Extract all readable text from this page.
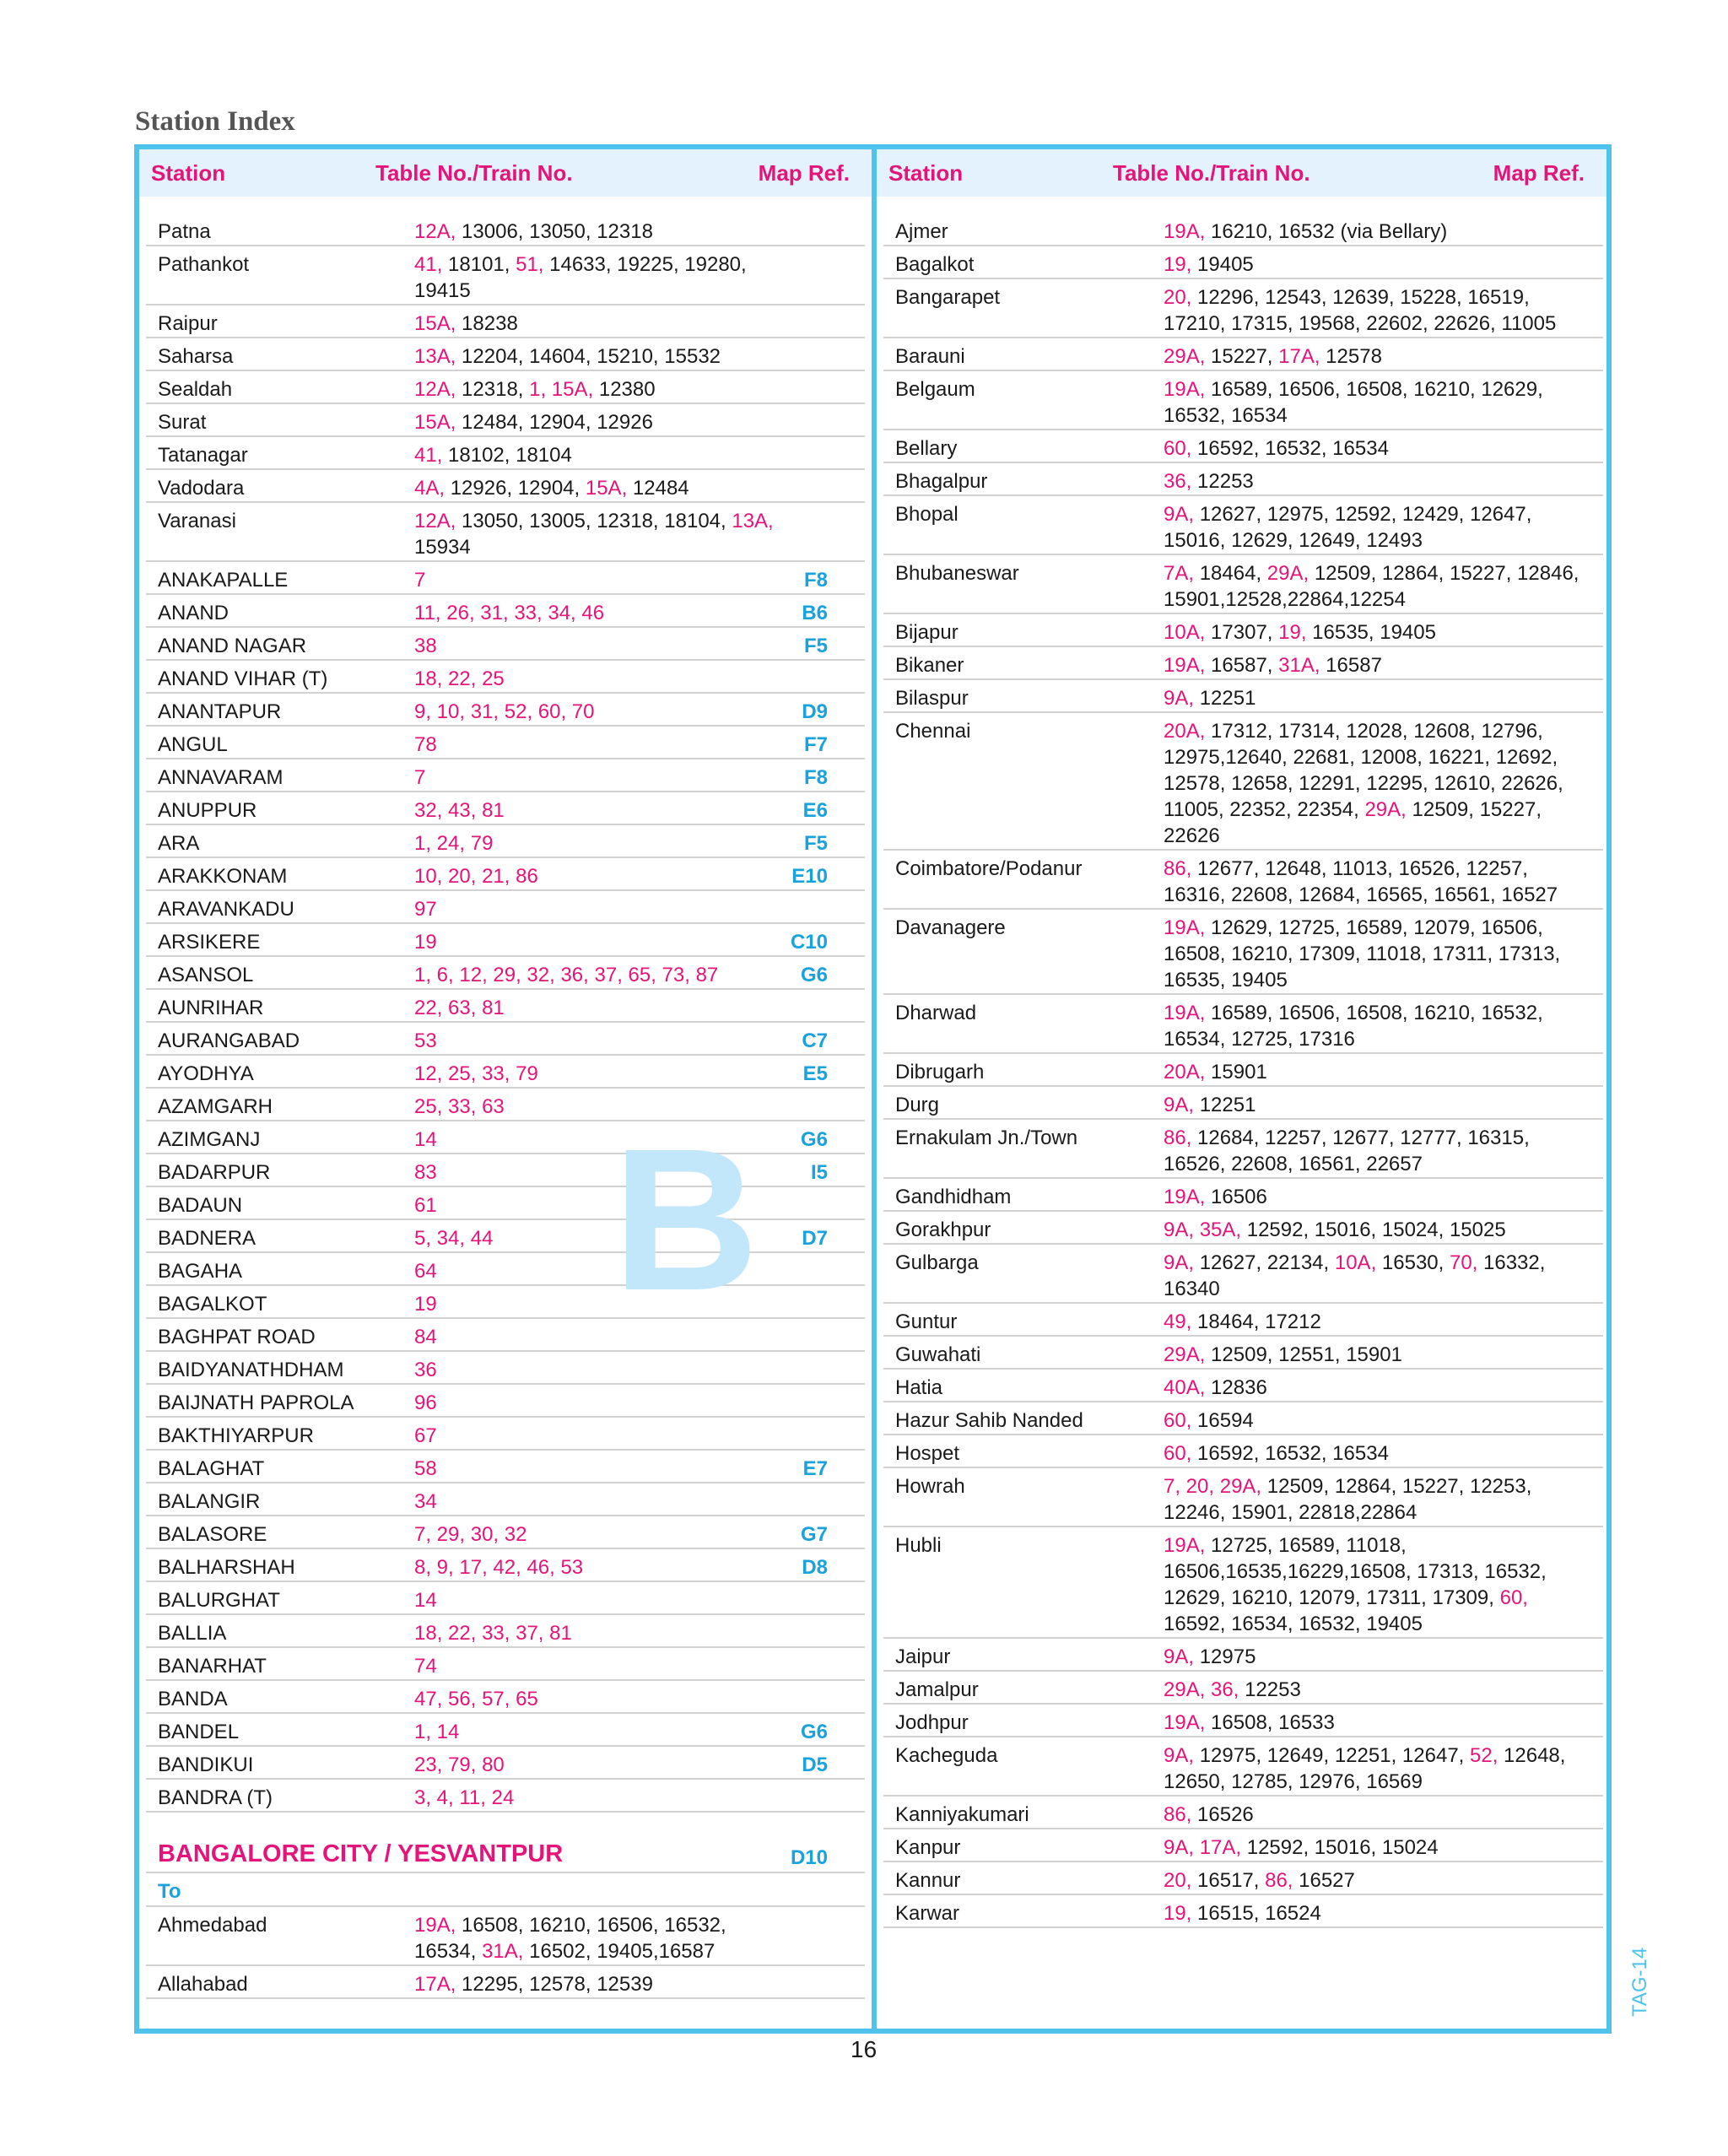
Station Index
Station	Table No./Train No.	Map Ref.
Patna	12A, 13006, 13050, 12318
Pathankot	41, 18101, 51, 14633, 19225, 19280, 19415
Raipur	15A, 18238
Saharsa	13A, 12204, 14604, 15210, 15532
Sealdah	12A, 12318, 1, 15A, 12380
Surat	15A, 12484, 12904, 12926
Tatanagar	41, 18102, 18104
Vadodara	4A, 12926, 12904, 15A, 12484
Varanasi	12A, 13050, 13005, 12318, 18104, 13A, 15934
ANAKAPALLE	7	F8
ANAND	11, 26, 31, 33, 34, 46	B6
ANAND NAGAR	38	F5
ANAND VIHAR (T)	18, 22, 25
ANANTAPUR	9, 10, 31, 52, 60, 70	D9
ANGUL	78	F7
ANNAVARAM	7	F8
ANUPPUR	32, 43, 81	E6
ARA	1, 24, 79	F5
ARAKKONAM	10, 20, 21, 86	E10
ARAVANKADU	97
ARSIKERE	19	C10
ASANSOL	1, 6, 12, 29, 32, 36, 37, 65, 73, 87	G6
AUNRIHAR	22, 63, 81
AURANGABAD	53	C7
AYODHYA	12, 25, 33, 79	E5
AZAMGARH	25, 33, 63
AZIMGANJ	14	G6
BADARPUR	83	I5
BADAUN	61
BADNERA	5, 34, 44	D7
BAGAHA	64
BAGALKOT	19
BAGHPAT ROAD	84
BAIDYANATHDHAM	36
BAIJNATH PAPROLA	96
BAKTHIYARPUR	67
BALAGHAT	58	E7
BALANGIR	34
BALASORE	7, 29, 30, 32	G7
BALHARSHAH	8, 9, 17, 42, 46, 53	D8
BALURGHAT	14
BALLIA	18, 22, 33, 37, 81
BANARHAT	74
BANDA	47, 56, 57, 65
BANDEL	1, 14	G6
BANDIKUI	23, 79, 80	D5
BANDRA (T)	3, 4, 11, 24
BANGALORE CITY / YESVANTPUR	D10
To
Ahmedabad	19A, 16508, 16210, 16506, 16532, 16534, 31A, 16502, 19405,16587
Allahabad	17A, 12295, 12578, 12539
Station	Table No./Train No.	Map Ref.
Ajmer	19A, 16210, 16532 (via Bellary)
Bagalkot	19, 19405
Bangarapet	20, 12296, 12543, 12639, 15228, 16519, 17210, 17315, 19568, 22602, 22626, 11005
Barauni	29A, 15227, 17A, 12578
Belgaum	19A, 16589, 16506, 16508, 16210, 12629, 16532, 16534
Bellary	60, 16592, 16532, 16534
Bhagalpur	36, 12253
Bhopal	9A, 12627, 12975, 12592, 12429, 12647, 15016, 12629, 12649, 12493
Bhubaneswar	7A, 18464, 29A, 12509, 12864, 15227, 12846, 15901,12528,22864,12254
Bijapur	10A, 17307, 19, 16535, 19405
Bikaner	19A, 16587, 31A, 16587
Bilaspur	9A, 12251
Chennai	20A, 17312, 17314, 12028, 12608, 12796, 12975,12640, 22681, 12008, 16221, 12692, 12578, 12658, 12291, 12295, 12610, 22626, 11005, 22352, 22354, 29A, 12509, 15227, 22626
Coimbatore/Podanur	86, 12677, 12648, 11013, 16526, 12257, 16316, 22608, 12684, 16565, 16561, 16527
Davanagere	19A, 12629, 12725, 16589, 12079, 16506, 16508, 16210, 17309, 11018, 17311, 17313, 16535, 19405
Dharwad	19A, 16589, 16506, 16508, 16210, 16532, 16534, 12725, 17316
Dibrugarh	20A, 15901
Durg	9A, 12251
Ernakulam Jn./Town	86, 12684, 12257, 12677, 12777, 16315, 16526, 22608, 16561, 22657
Gandhidham	19A, 16506
Gorakhpur	9A, 35A, 12592, 15016, 15024, 15025
Gulbarga	9A, 12627, 22134, 10A, 16530, 70, 16332, 16340
Guntur	49, 18464, 17212
Guwahati	29A, 12509, 12551, 15901
Hatia	40A, 12836
Hazur Sahib Nanded	60, 16594
Hospet	60, 16592, 16532, 16534
Howrah	7, 20, 29A, 12509, 12864, 15227, 12253, 12246, 15901, 22818,22864
Hubli	19A, 12725, 16589, 11018, 16506,16535,16229,16508, 17313, 16532, 12629, 16210, 12079, 17311, 17309, 60, 16592, 16534, 16532, 19405
Jaipur	9A, 12975
Jamalpur	29A, 36, 12253
Jodhpur	19A, 16508, 16533
Kacheguda	9A, 12975, 12649, 12251, 12647, 52, 12648, 12650, 12785, 12976, 16569
Kanniyakumari	86, 16526
Kanpur	9A, 17A, 12592, 15016, 15024
Kannur	20, 16517, 86, 16527
Karwar	19, 16515, 16524
B
16
TAG-14
